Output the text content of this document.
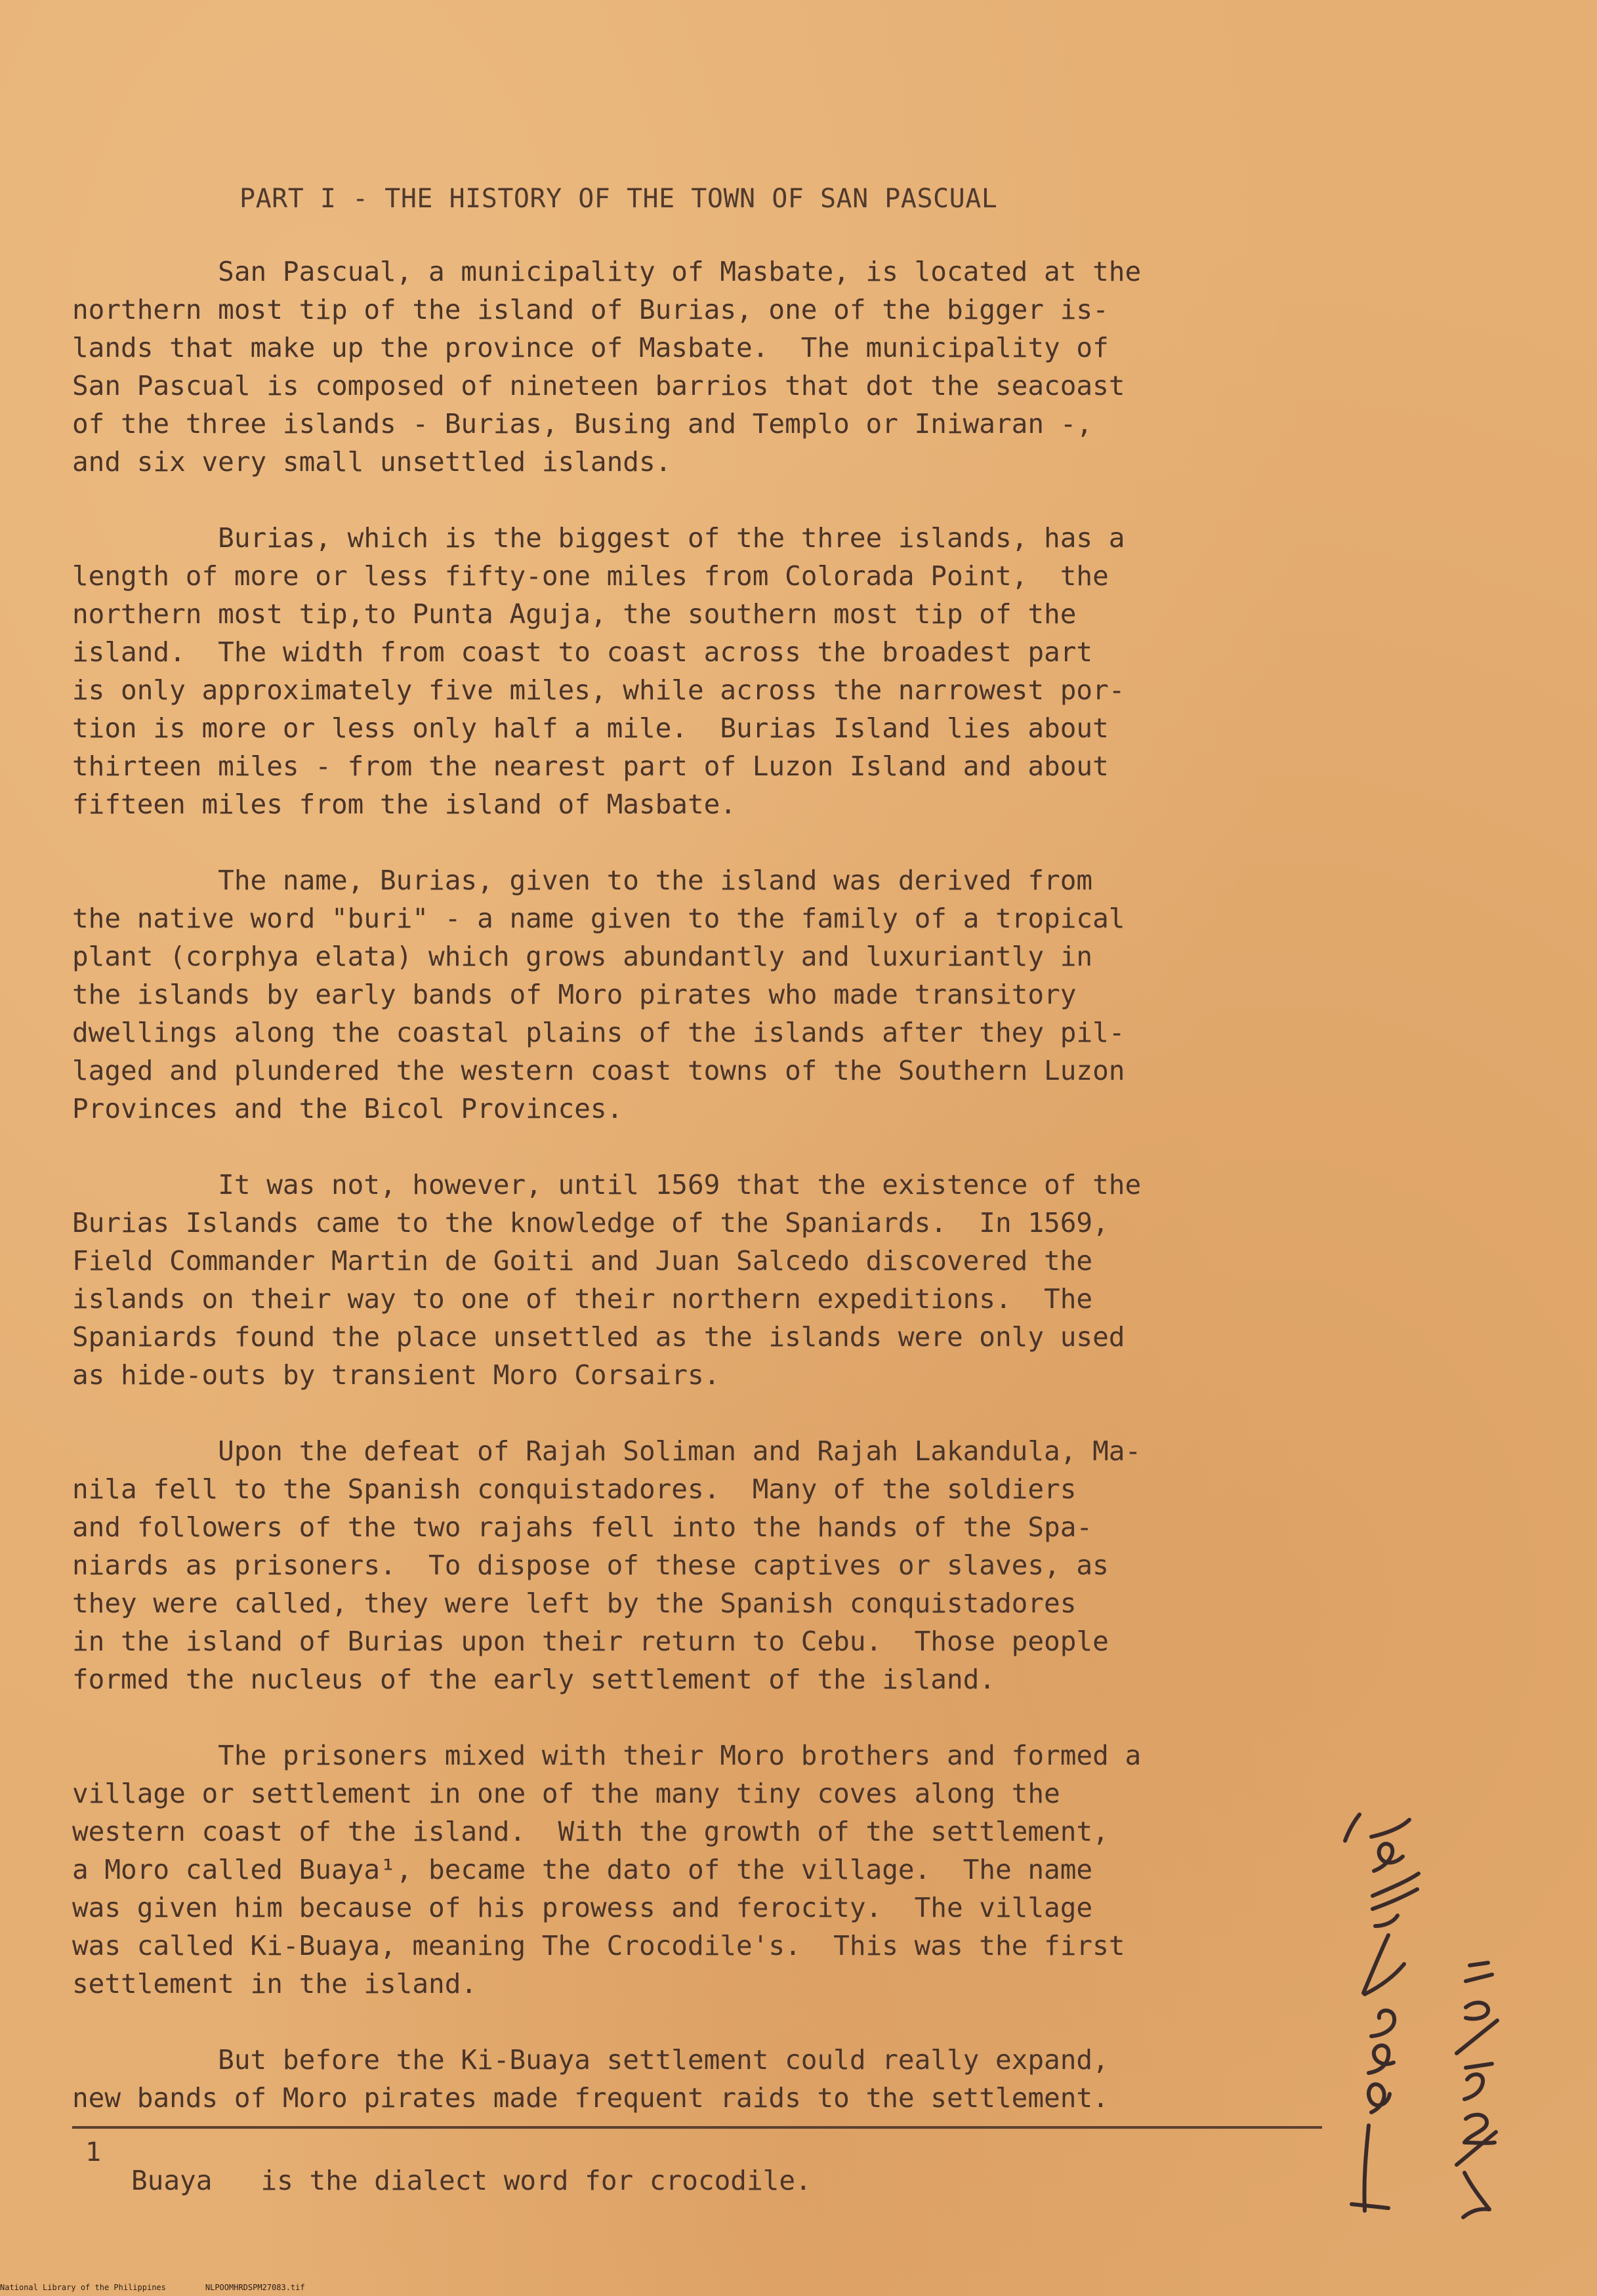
PART I - THE HISTORY OF THE TOWN OF SAN PASCUAL
San Pascual, a municipality of Masbate, is located at the
northern most tip of the island of Burias, one of the bigger is-
lands that make up the province of Masbate.  The municipality of
San Pascual is composed of nineteen barrios that dot the seacoast
of the three islands - Burias, Busing and Templo or Iniwaran -,
and six very small unsettled islands.
Burias, which is the biggest of the three islands, has a
length of more or less fifty-one miles from Colorada Point,  the
northern most tip,to Punta Aguja, the southern most tip of the
island.  The width from coast to coast across the broadest part
is only approximately five miles, while across the narrowest por-
tion is more or less only half a mile.  Burias Island lies about
thirteen miles - from the nearest part of Luzon Island and about
fifteen miles from the island of Masbate.
The name, Burias, given to the island was derived from
the native word "buri" - a name given to the family of a tropical
plant (corphya elata) which grows abundantly and luxuriantly in
the islands by early bands of Moro pirates who made transitory
dwellings along the coastal plains of the islands after they pil-
laged and plundered the western coast towns of the Southern Luzon
Provinces and the Bicol Provinces.
It was not, however, until 1569 that the existence of the
Burias Islands came to the knowledge of the Spaniards.  In 1569,
Field Commander Martin de Goiti and Juan Salcedo discovered the
islands on their way to one of their northern expeditions.  The
Spaniards found the place unsettled as the islands were only used
as hide-outs by transient Moro Corsairs.
Upon the defeat of Rajah Soliman and Rajah Lakandula, Ma-
nila fell to the Spanish conquistadores.  Many of the soldiers
and followers of the two rajahs fell into the hands of the Spa-
niards as prisoners.  To dispose of these captives or slaves, as
they were called, they were left by the Spanish conquistadores
in the island of Burias upon their return to Cebu.  Those people
formed the nucleus of the early settlement of the island.
The prisoners mixed with their Moro brothers and formed a
village or settlement in one of the many tiny coves along the
western coast of the island.  With the growth of the settlement,
a Moro called Buaya¹, became the dato of the village.  The name
was given him because of his prowess and ferocity.  The village
was called Ki-Buaya, meaning The Crocodile's.  This was the first
settlement in the island.
But before the Ki-Buaya settlement could really expand,
new bands of Moro pirates made frequent raids to the settlement.
1
Buaya   is the dialect word for crocodile.
National Library of the Philippines	NLPOOMHRDSPM27083.tif
